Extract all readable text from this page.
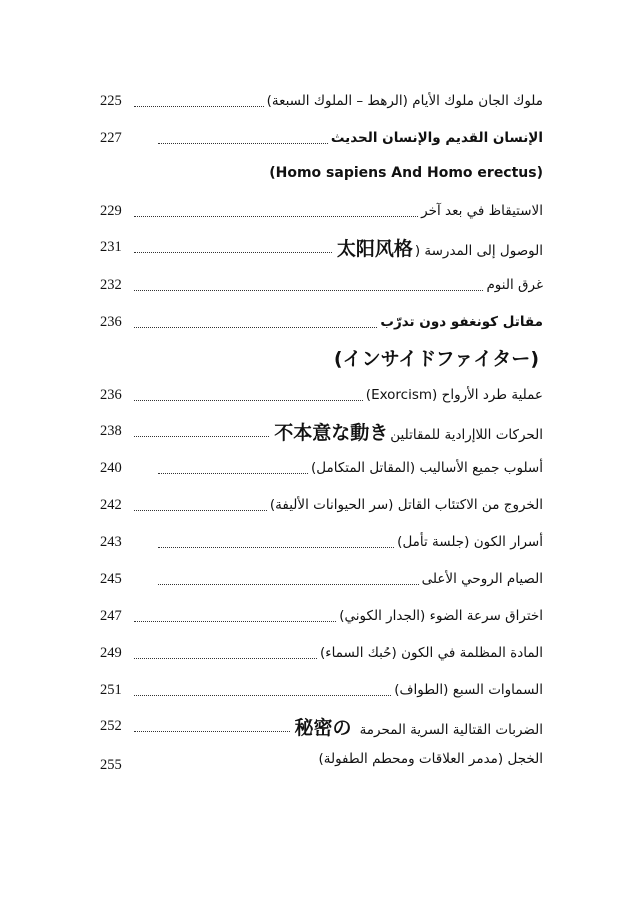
ملوك الجان ملوك الأيام (الرهط – الملوك السبعة)
225
الإنسان القديم والإنسان الحديث
227
(Homo sapiens And Homo erectus)
الاستيقاظ في بعد آخر
229
الوصول إلى المدرسة (太阳风格
231
غرق النوم
232
مقاتل كونغفو دون تدرّب
236
(インサイドファイター)
عملية طرد الأرواح (Exorcism)
236
الحركات اللاإرادية للمقاتلين不本意な動き
238
أسلوب جميع الأساليب (المقاتل المتكامل)
240
الخروج من الاكتئاب القاتل (سر الحيوانات الأليفة)
242
أسرار الكون (جلسة تأمل)
243
الصيام الروحي الأعلى
245
اختراق سرعة الضوء (الجدار الكوني)
247
المادة المظلمة في الكون (حُبك السماء)
249
السماوات السبع (الطواف)
251
الضربات القتالية السرية المحرمة秘密の
252
الخجل (مدمر العلاقات ومحطم الطفولة)
255
